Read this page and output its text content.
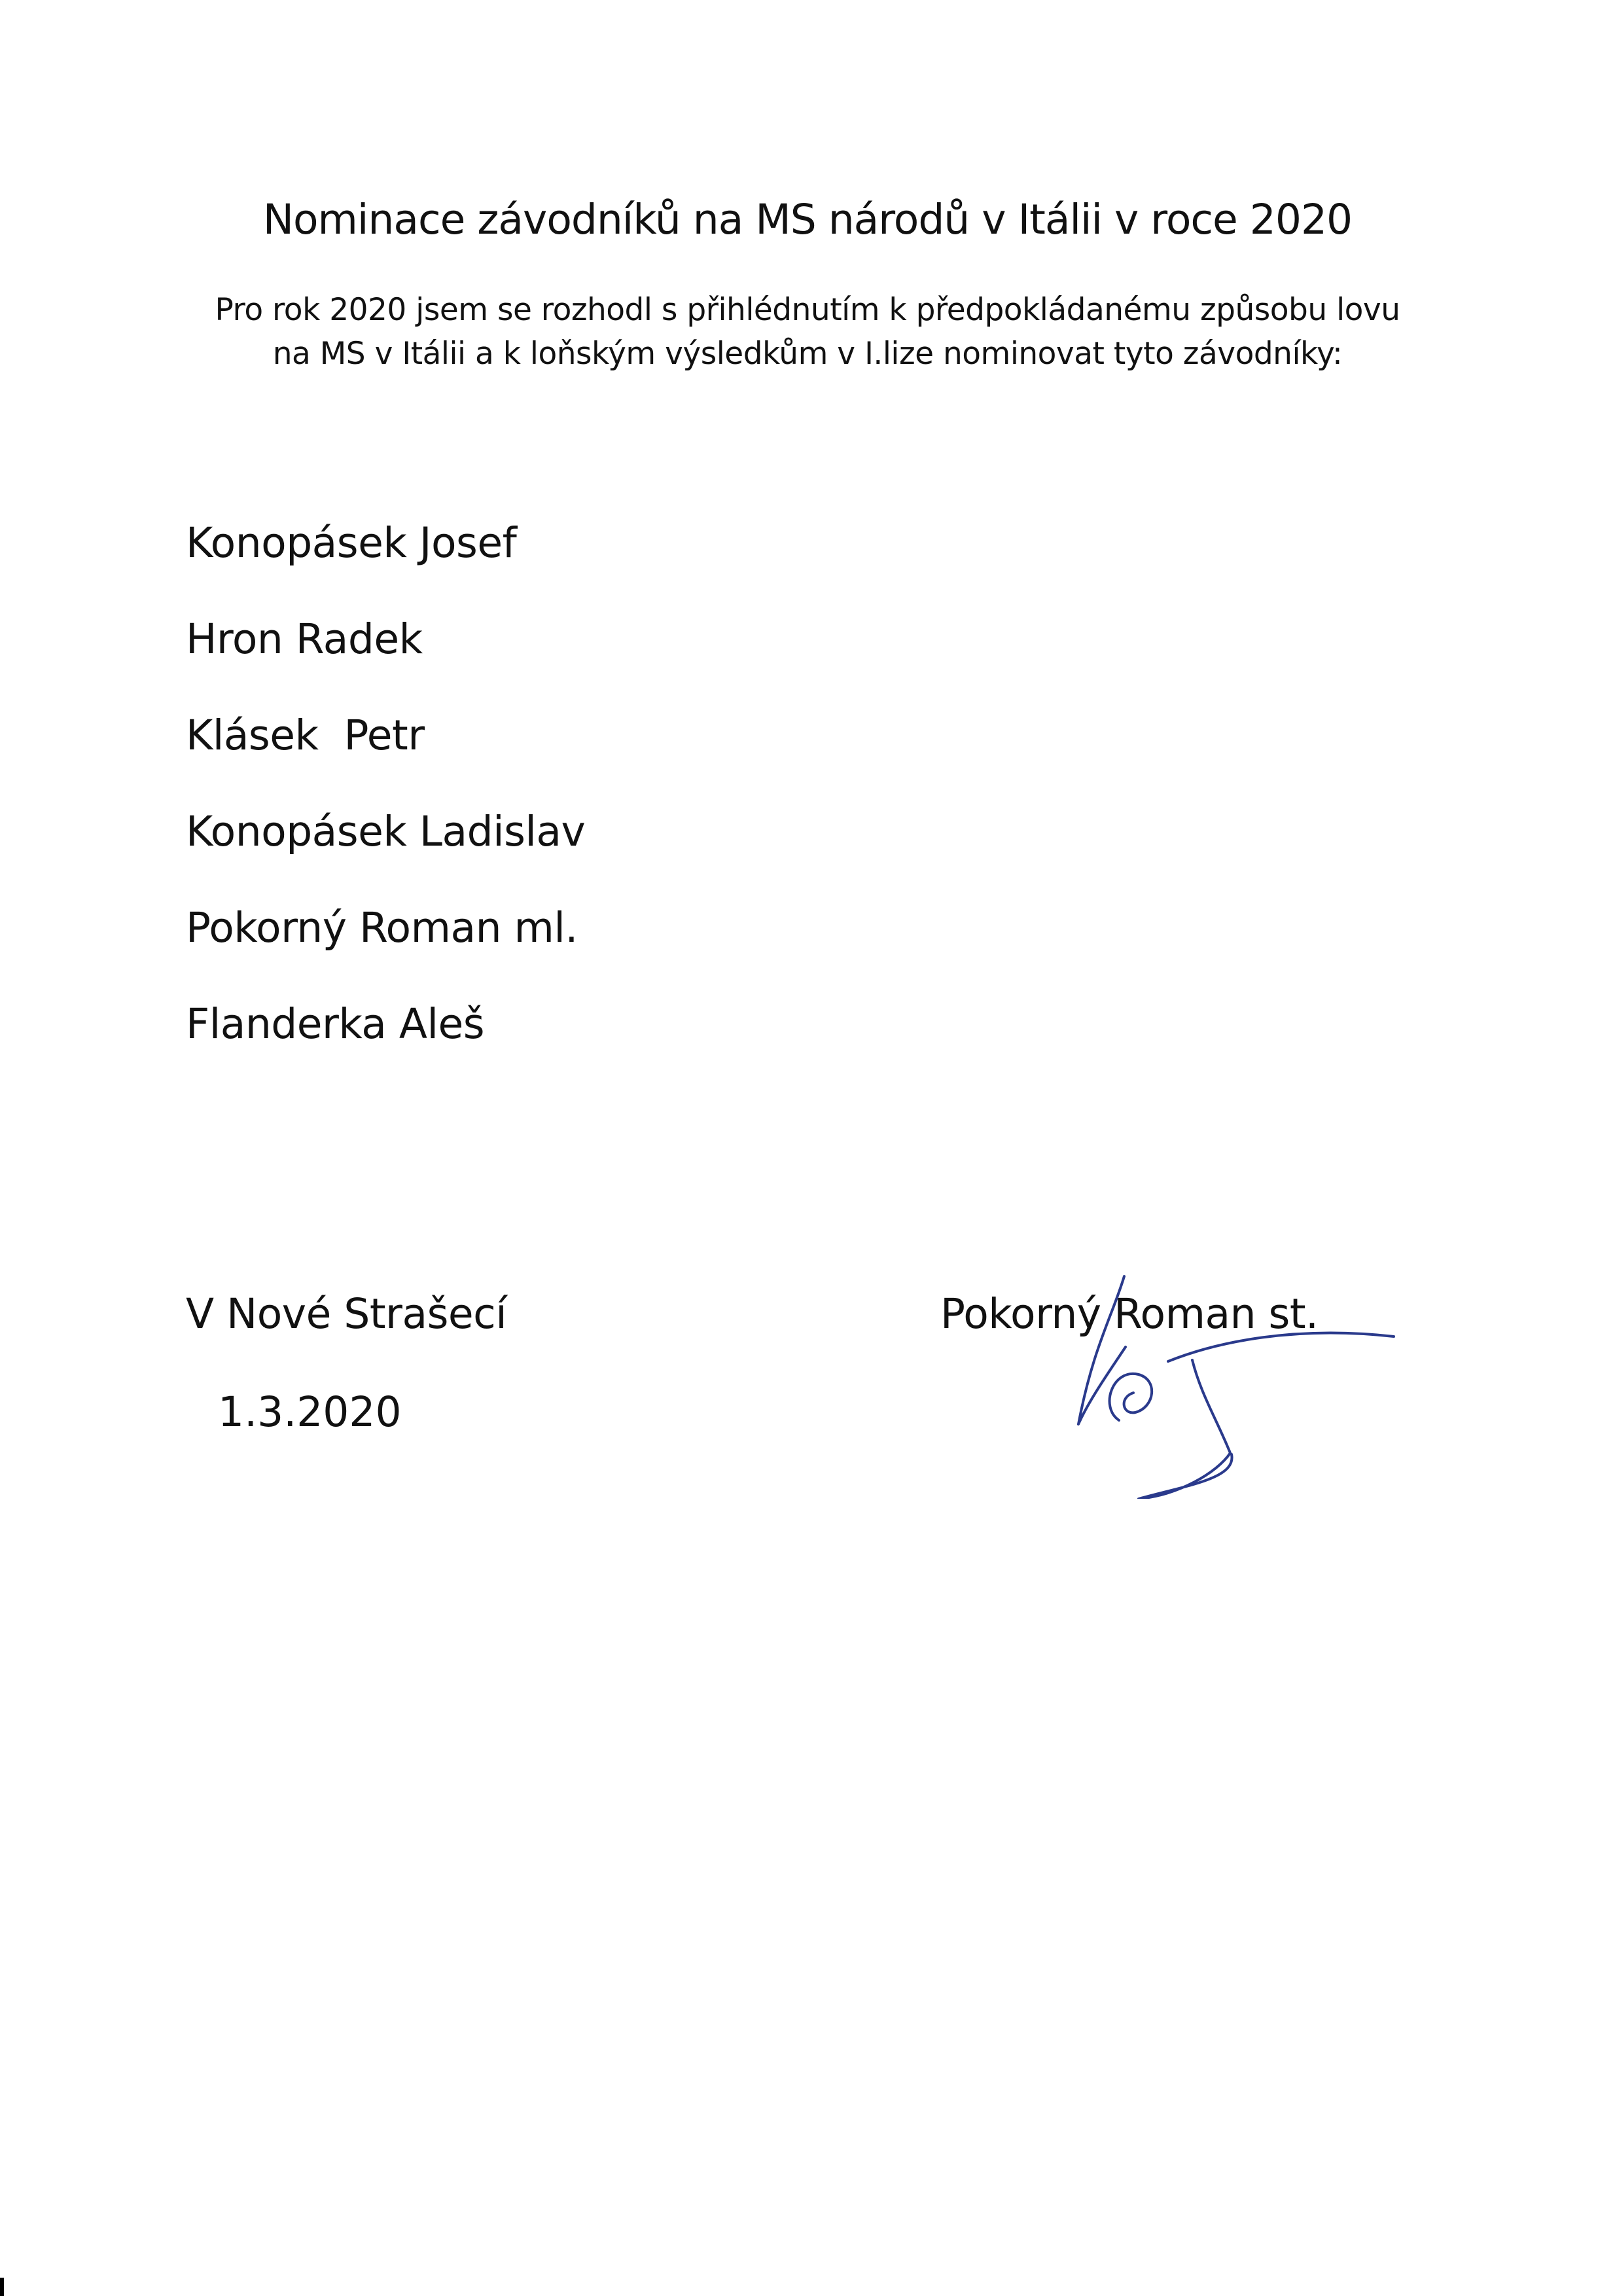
Nominace závodníků na MS národů v Itálii v roce 2020
Pro rok 2020 jsem se rozhodl s přihlédnutím k předpokládanému způsobu lovu
na MS v Itálii a k loňským výsledkům v I.lize nominovat tyto závodníky:
Konopásek Josef
Hron Radek
Klásek  Petr
Konopásek Ladislav
Pokorný Roman ml.
Flanderka Aleš
V Nové Strašecí
1.3.2020
Pokorný Roman st.
